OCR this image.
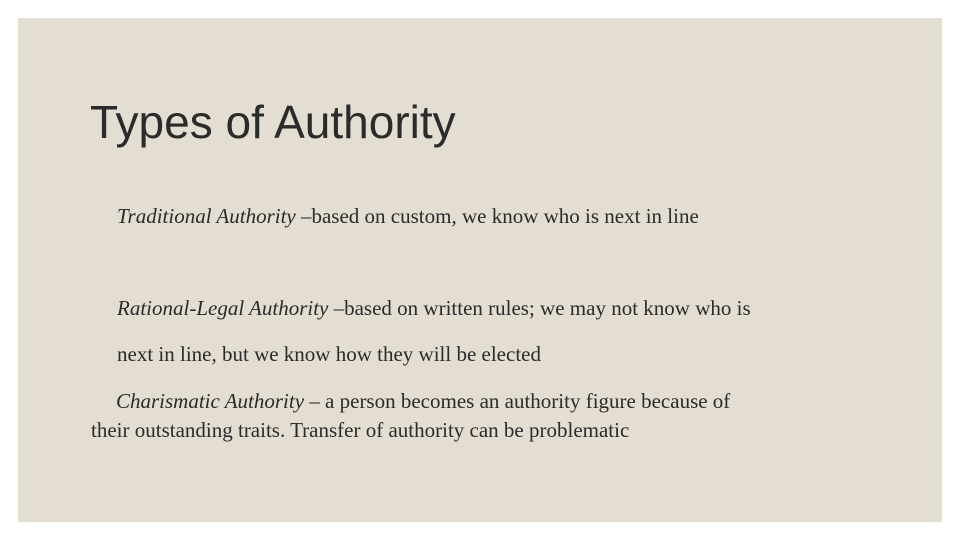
Types of Authority

Traditional Authority –based on custom, we know who is next in line

Rational-Legal Authority –based on written rules; we may not know who is

next in line, but we know how they will be elected

Charismatic Authority – a person becomes an authority figure because of

their outstanding traits. Transfer of authority can be problematic
